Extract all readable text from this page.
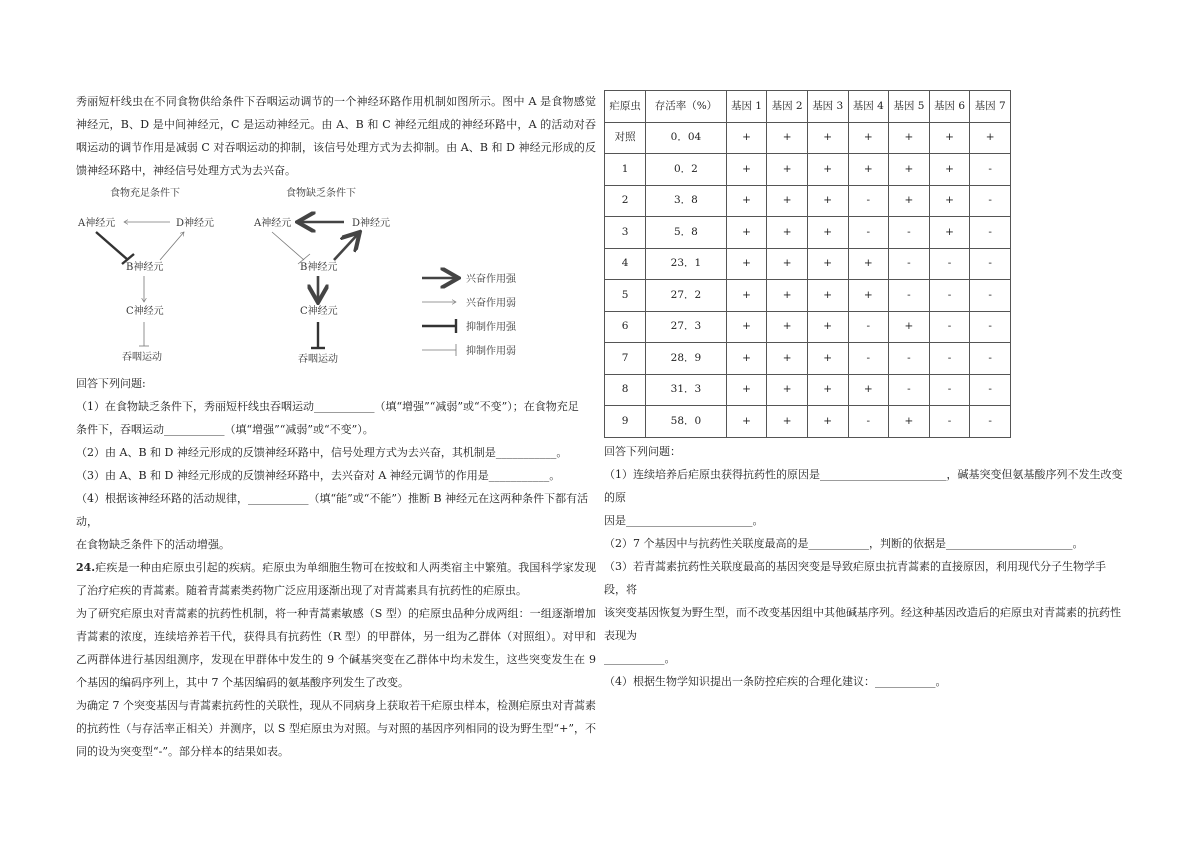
秀丽短杆线虫在不同食物供给条件下吞咽运动调节的一个神经环路作用机制如图所示。图中 A 是食物感觉神经元，B、D 是中间神经元，C 是运动神经元。由 A、B 和 C 神经元组成的神经环路中，A 的活动对吞咽运动的调节作用是减弱 C 对吞咽运动的抑制，该信号处理方式为去抑制。由 A、B 和 D 神经元形成的反馈神经环路中，神经信号处理方式为去兴奋。

食物充足条件下
A神经元	D神经元
B神经元
C神经元
吞咽运动
食物缺乏条件下
A神经元	D神经元
B神经元
C神经元
吞咽运动
兴奋作用强
兴奋作用弱
抑制作用强
抑制作用弱

回答下列问题:

（1）在食物缺乏条件下，秀丽短杆线虫吞咽运动___________（填“增强”“减弱”或“不变”）；在食物充足

条件下，吞咽运动___________（填“增强”“减弱”或“不变”）。

（2）由 A、B 和 D 神经元形成的反馈神经环路中，信号处理方式为去兴奋，其机制是___________。

（3）由 A、B 和 D 神经元形成的反馈神经环路中，去兴奋对 A 神经元调节的作用是___________。

（4）根据该神经环路的活动规律，___________（填“能”或“不能”）推断 B 神经元在这两种条件下都有活动，

在食物缺乏条件下的活动增强。

24.疟疾是一种由疟原虫引起的疾病。疟原虫为单细胞生物可在按蚊和人两类宿主中繁殖。我国科学家发现了治疗疟疾的青蒿素。随着青蒿素类药物广泛应用逐渐出现了对青蒿素具有抗药性的疟原虫。

为了研究疟原虫对青蒿素的抗药性机制，将一种青蒿素敏感（S 型）的疟原虫品种分成两组：一组逐渐增加青蒿素的浓度，连续培养若干代，获得具有抗药性（R 型）的甲群体，另一组为乙群体（对照组）。对甲和乙两群体进行基因组测序，发现在甲群体中发生的 9 个碱基突变在乙群体中均未发生，这些突变发生在 9 个基因的编码序列上，其中 7 个基因编码的氨基酸序列发生了改变。

为确定 7 个突变基因与青蒿素抗药性的关联性，现从不同病身上获取若干疟原虫样本，检测疟原虫对青蒿素的抗药性（与存活率正相关）并测序，以 S 型疟原虫为对照。与对照的基因序列相同的设为野生型“+”，不同的设为突变型“-”。部分样本的结果如表。

疟原虫	存活率（%）	基因 1	基因 2	基因 3	基因 4	基因 5	基因 6	基因 7
对照	0．04	+	+	+	+	+	+	+
1	0．2	+	+	+	+	+	+	-
2	3．8	+	+	+	-	+	+	-
3	5．8	+	+	+	-	-	+	-
4	23．1	+	+	+	+	-	-	-
5	27．2	+	+	+	+	-	-	-
6	27．3	+	+	+	-	+	-	-
7	28．9	+	+	+	-	-	-	-
8	31．3	+	+	+	+	-	-	-
9	58．0	+	+	+	-	+	-	-

回答下列问题：

（1）连续培养后疟原虫获得抗药性的原因是_______________________，碱基突变但氨基酸序列不发生改变的原

因是_______________________。

（2）7 个基因中与抗药性关联度最高的是___________，判断的依据是_______________________。

（3）若青蒿素抗药性关联度最高的基因突变是导致疟原虫抗青蒿素的直接原因，利用现代分子生物学手段，将

该突变基因恢复为野生型，而不改变基因组中其他碱基序列。经这种基因改造后的疟原虫对青蒿素的抗药性表现为

___________。

（4）根据生物学知识提出一条防控疟疾的合理化建议：___________。
